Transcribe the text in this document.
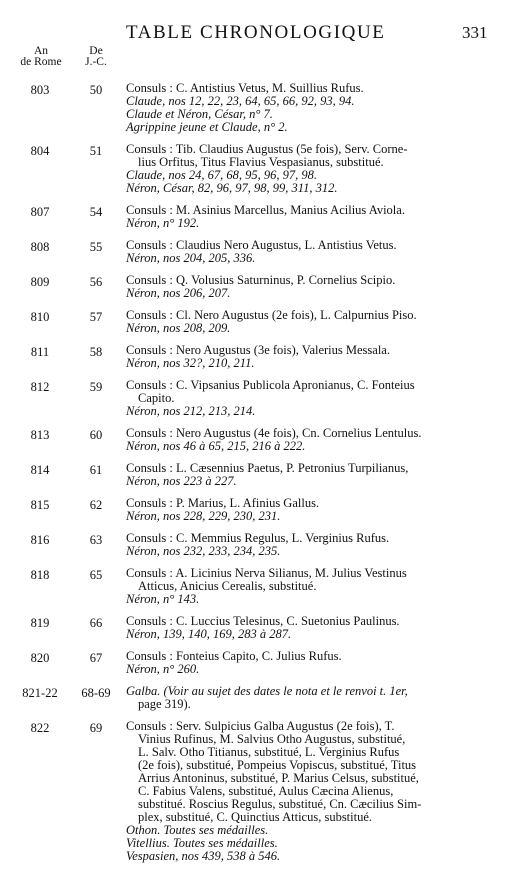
TABLE CHRONOLOGIQUE	331
An
de Rome
De
J.-C.
803	50	Consuls : C. Antistius Vetus, M. Suillius Rufus.
Claude, nos 12, 22, 23, 64, 65, 66, 92, 93, 94.
Claude et Néron, César, n° 7.
Agrippine jeune et Claude, n° 2.
804	51	Consuls : Tib. Claudius Augustus (5e fois), Serv. Corne-
lius Orfitus, Titus Flavius Vespasianus, substitué.
Claude, nos 24, 67, 68, 95, 96, 97, 98.
Néron, César, 82, 96, 97, 98, 99, 311, 312.
807	54	Consuls : M. Asinius Marcellus, Manius Acilius Aviola.
Néron, n° 192.
808	55	Consuls : Claudius Nero Augustus, L. Antistius Vetus.
Néron, nos 204, 205, 336.
809	56	Consuls : Q. Volusius Saturninus, P. Cornelius Scipio.
Néron, nos 206, 207.
810	57	Consuls : Cl. Nero Augustus (2e fois), L. Calpurnius Piso.
Néron, nos 208, 209.
811	58	Consuls : Nero Augustus (3e fois), Valerius Messala.
Néron, nos 32?, 210, 211.
812	59	Consuls : C. Vipsanius Publicola Apronianus, C. Fonteius
Capito.
Néron, nos 212, 213, 214.
813	60	Consuls : Nero Augustus (4e fois), Cn. Cornelius Lentulus.
Néron, nos 46 à 65, 215, 216 à 222.
814	61	Consuls : L. Cæsennius Paetus, P. Petronius Turpilianus,
Néron, nos 223 à 227.
815	62	Consuls : P. Marius, L. Afinius Gallus.
Néron, nos 228, 229, 230, 231.
816	63	Consuls : C. Memmius Regulus, L. Verginius Rufus.
Néron, nos 232, 233, 234, 235.
818	65	Consuls : A. Licinius Nerva Silianus, M. Julius Vestinus
Atticus, Anicius Cerealis, substitué.
Néron, n° 143.
819	66	Consuls : C. Luccius Telesinus, C. Suetonius Paulinus.
Néron, 139, 140, 169, 283 à 287.
820	67	Consuls : Fonteius Capito, C. Julius Rufus.
Néron, n° 260.
821-22	68-69	Galba. (Voir au sujet des dates le nota et le renvoi t. 1er,
page 319).
822	69	Consuls : Serv. Sulpicius Galba Augustus (2e fois), T.
Vinius Rufinus, M. Salvius Otho Augustus, substitué,
L. Salv. Otho Titianus, substitué, L. Verginius Rufus
(2e fois), substitué, Pompeius Vopiscus, substitué, Titus
Arrius Antoninus, substitué, P. Marius Celsus, substitué,
C. Fabius Valens, substitué, Aulus Cæcina Alienus,
substitué. Roscius Regulus, substitué, Cn. Cæcilius Sim-
plex, substitué, C. Quinctius Atticus, substitué.
Othon. Toutes ses médailles.
Vitellius. Toutes ses médailles.
Vespasien, nos 439, 538 à 546.
